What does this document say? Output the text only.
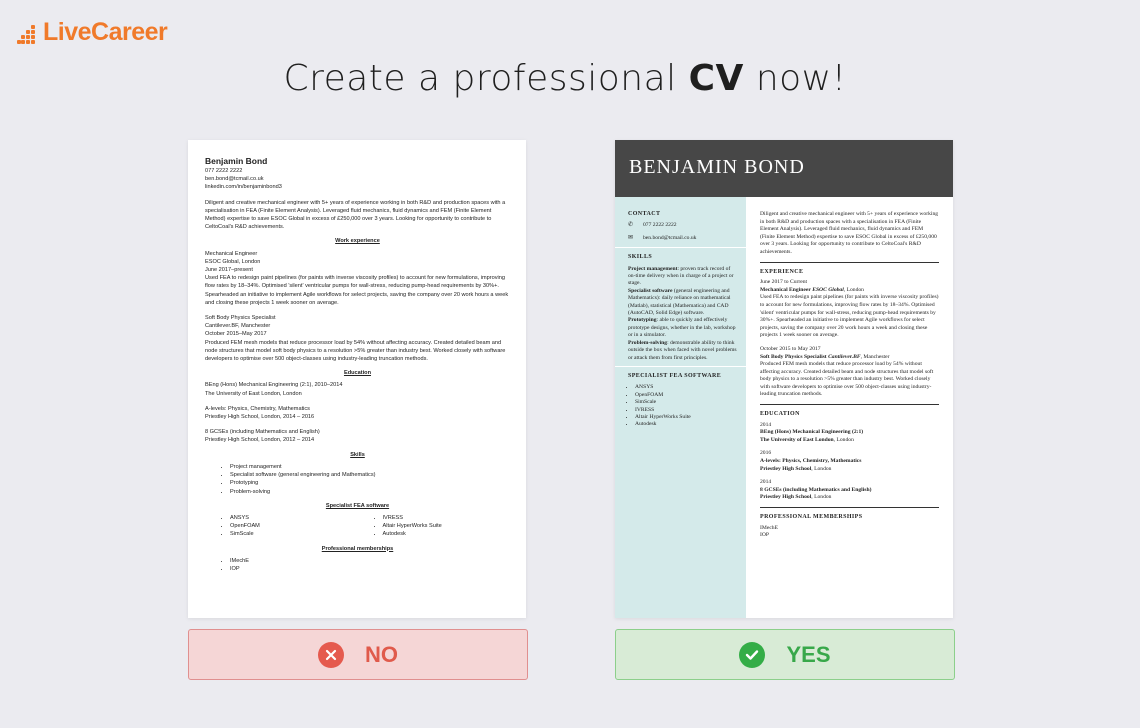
LiveCareer
Create a professional CV now!

Benjamin Bond

077 2222 2222

ben.bond@tcmail.co.uk

linkedin.com/in/benjaminbond3

Diligent and creative mechanical engineer with 5+ years of experience working in both R&D and production spaces with a specialisation in FEA (Finite Element Analysis). Leveraged fluid mechanics, fluid dynamics and FEM (Finite Element Method) expertise to save ESOC Global in excess of £250,000 over 3 years. Looking for opportunity to contribute to CeltoCoal's R&D achievements.

Work experience

Mechanical Engineer

ESOC Global, London

June 2017–present

Used FEA to redesign paint pipelines (for paints with inverse viscosity profiles) to account for new formulations, improving flow rates by 18–34%. Optimised 'silent' ventricular pumps for wall-stress, reducing pump-head requirements by 30%+. Spearheaded an initiative to implement Agile workflows for select projects, saving the company over 20 work hours a week and closing these projects 1 week sooner on average.

Soft Body Physics Specialist

Cantilever.BF, Manchester

October 2015–May 2017

Produced FEM mesh models that reduce processor load by 54% without affecting accuracy. Created detailed beam and node structures that model soft body physics to a resolution >5% greater than industry best. Worked closely with software developers to optimise over 500 object-classes using industry-leading truncation methods.

Education

BEng (Hons) Mechanical Engineering (2:1), 2010–2014

The University of East London, London

A-levels: Physics, Chemistry, Mathematics

Priestley High School, London, 2014 – 2016

8 GCSEs (including Mathematics and English)

Priestley High School, London, 2012 – 2014

Skills

• Project management
• Specialist software (general engineering and Mathematics)
• Prototyping
• Problem-solving

Specialist FEA software

• ANSYS
• OpenFOAM
• SimScale
• IVRESS
• Altair HyperWorks Suite
• Autodesk

Professional memberships

• IMechE
• IOP
BENJAMIN BOND
CONTACT
✆	077 2222 2222
✉	ben.bond@tcmail.co.uk
SKILLS

Project management: proven track record of on-time delivery when in charge of a project or stage.

Specialist software (general engineering and Mathematics): daily reliance on mathematical (Matlab), statistical (Mathematica) and CAD (AutoCAD, Solid Edge) software.

Prototyping: able to quickly and effectively prototype designs, whether in the lab, workshop or in a simulator.

Problem-solving: demonstrable ability to think outside the box when faced with novel problems or attack them from first principles.

SPECIALIST FEA SOFTWARE
• ANSYS
• OpenFOAM
• SimScale
• IVRESS
• Altair HyperWorks Suite
• Autodesk

Diligent and creative mechanical engineer with 5+ years of experience working in both R&D and production spaces with a specialisation in FEA (Finite Element Analysis). Leveraged fluid mechanics, fluid dynamics and FEM (Finite Element Method) expertise to save ESOC Global in excess of £250,000 over 3 years. Looking for opportunity to contribute to CeltoCoal's R&D achievements.

EXPERIENCE

June 2017 to Current

Mechanical Engineer ESOC Global, London

Used FEA to redesign paint pipelines (for paints with inverse viscosity profiles) to account for new formulations, improving flow rates by 18–34%. Optimised 'silent' ventricular pumps for wall-stress, reducing pump-head requirements by 30%+. Spearheaded an initiative to implement Agile workflows for select projects, saving the company over 20 work hours a week and closing these projects 1 week sooner on average.

October 2015 to May 2017

Soft Body Physics Specialist Cantilever.BF, Manchester

Produced FEM mesh models that reduce processor load by 54% without affecting accuracy. Created detailed beam and node structures that model soft body physics to a resolution >5% greater than industry best. Worked closely with software developers to optimise over 500 object-classes using industry-leading truncation methods.

EDUCATION

2014

BEng (Hons) Mechanical Engineering (2:1)

The University of East London, London

2016

A-levels: Physics, Chemistry, Mathematics

Priestley High School, London

2014

8 GCSEs (including Mathematics and English)

Priestley High School, London

PROFESSIONAL MEMBERSHIPS

IMechE

IOP

NO	YES
